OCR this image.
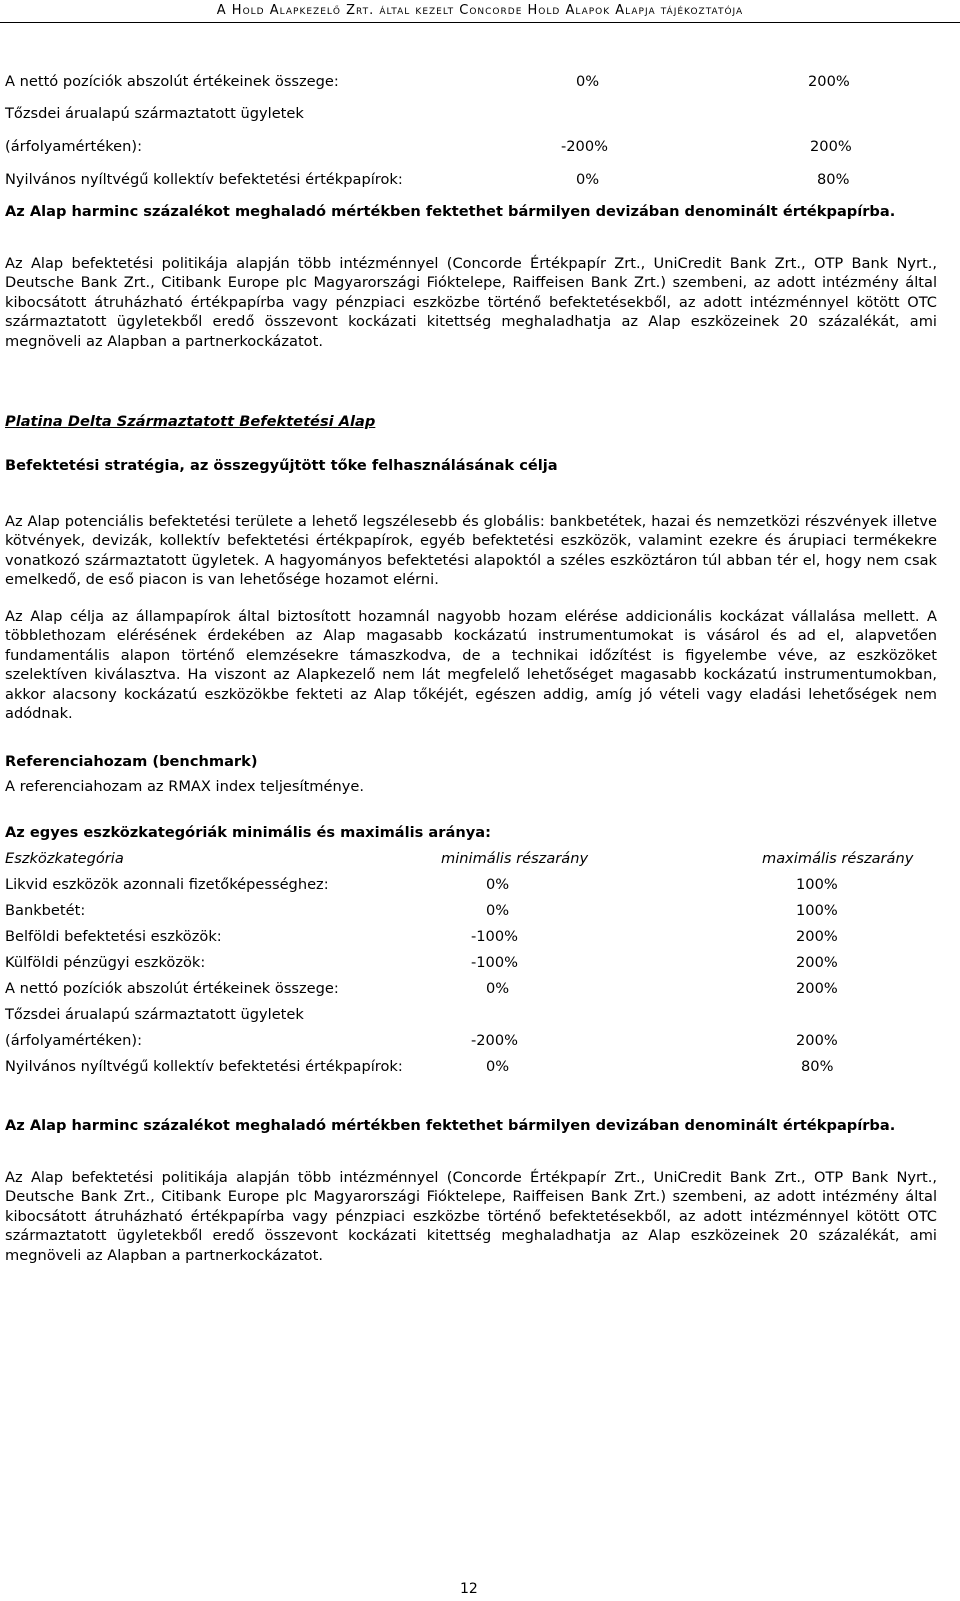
A Hold Alapkezelő Zrt. által kezelt Concorde Hold Alapok Alapja tájékoztatója
A nettó pozíciók abszolút értékeinek összege:	0%	200%
Tőzsdei árualapú származtatott ügyletek
(árfolyamértéken):	-200%	200%
Nyilvános nyíltvégű kollektív befektetési értékpapírok:	0%	80%
Az Alap harminc százalékot meghaladó mértékben fektethet bármilyen devizában denominált értékpapírba.
Az Alap befektetési politikája alapján több intézménnyel (Concorde Értékpapír Zrt., UniCredit Bank Zrt., OTP Bank Nyrt., Deutsche Bank Zrt., Citibank Europe plc Magyarországi Fióktelepe, Raiffeisen Bank Zrt.) szembeni, az adott intézmény által kibocsátott átruházható értékpapírba vagy pénzpiaci eszközbe történő befektetésekből, az adott intézménnyel kötött OTC származtatott ügyletekből eredő összevont kockázati kitettség meghaladhatja az Alap eszközeinek 20 százalékát, ami megnöveli az Alapban a partnerkockázatot.
Platina Delta Származtatott Befektetési Alap
Befektetési stratégia, az összegyűjtött tőke felhasználásának célja
Az Alap potenciális befektetési területe a lehető legszélesebb és globális: bankbetétek, hazai és nemzetközi részvények illetve kötvények, devizák, kollektív befektetési értékpapírok, egyéb befektetési eszközök, valamint ezekre és árupiaci termékekre vonatkozó származtatott ügyletek. A hagyományos befektetési alapoktól a széles eszköztáron túl abban tér el, hogy nem csak emelkedő, de eső piacon is van lehetősége hozamot elérni.
Az Alap célja az állampapírok által biztosított hozamnál nagyobb hozam elérése addicionális kockázat vállalása mellett. A többlethozam elérésének érdekében az Alap magasabb kockázatú instrumentumokat is vásárol és ad el, alapvetően fundamentális alapon történő elemzésekre támaszkodva, de a technikai időzítést is figyelembe véve, az eszközöket szelektíven kiválasztva. Ha viszont az Alapkezelő nem lát megfelelő lehetőséget magasabb kockázatú instrumentumokban, akkor alacsony kockázatú eszközökbe fekteti az Alap tőkéjét, egészen addig, amíg jó vételi vagy eladási lehetőségek nem adódnak.
Referenciahozam (benchmark)
A referenciahozam az RMAX index teljesítménye.
Az egyes eszközkategóriák minimális és maximális aránya:
Eszközkategória	minimális részarány	maximális részarány
Likvid eszközök azonnali fizetőképességhez:	0%	100%
Bankbetét:	0%	100%
Belföldi befektetési eszközök:	-100%	200%
Külföldi pénzügyi eszközök:	-100%	200%
A nettó pozíciók abszolút értékeinek összege:	0%	200%
Tőzsdei árualapú származtatott ügyletek
(árfolyamértéken):	-200%	200%
Nyilvános nyíltvégű kollektív befektetési értékpapírok:	0%	80%
Az Alap harminc százalékot meghaladó mértékben fektethet bármilyen devizában denominált értékpapírba.
Az Alap befektetési politikája alapján több intézménnyel (Concorde Értékpapír Zrt., UniCredit Bank Zrt., OTP Bank Nyrt., Deutsche Bank Zrt., Citibank Europe plc Magyarországi Fióktelepe, Raiffeisen Bank Zrt.) szembeni, az adott intézmény által kibocsátott átruházható értékpapírba vagy pénzpiaci eszközbe történő befektetésekből, az adott intézménnyel kötött OTC származtatott ügyletekből eredő összevont kockázati kitettség meghaladhatja az Alap eszközeinek 20 százalékát, ami megnöveli az Alapban a partnerkockázatot.
12
